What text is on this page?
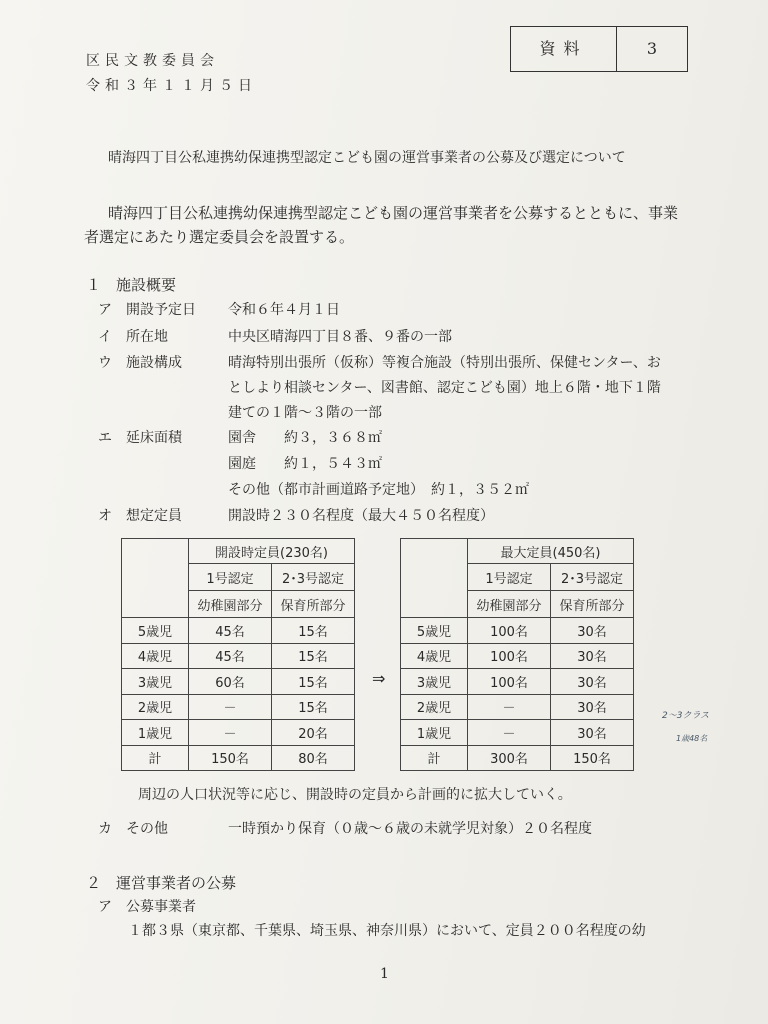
区民文教委員会
令和３年１１月５日
資料	3
晴海四丁目公私連携幼保連携型認定こども園の運営事業者の公募及び選定について
晴海四丁目公私連携幼保連携型認定こども園の運営事業者を公募するとともに、事業
者選定にあたり選定委員会を設置する。
１　施設概要
ア　開設予定日 令和６年４月１日
イ　所在地	中央区晴海四丁目８番、９番の一部
ウ　施設構成	晴海特別出張所（仮称）等複合施設（特別出張所、保健センター、お
としより相談センター、図書館、認定こども園）地上６階・地下１階
建ての１階～３階の一部
エ　延床面積	園舎　　約３，３６８㎡
園庭　　約１，５４３㎡
その他（都市計画道路予定地）　約１，３５２㎡
オ　想定定員	開設時２３０名程度（最大４５０名程度）
	開設時定員(230名)	
	1号認定	2･3号認定
	幼稚園部分	保育所部分
5歳児	45名	15名
4歳児	45名	15名
3歳児	60名	15名
2歳児	－	15名
1歳児	－	20名
計	150名	80名
⇒
	最大定員(450名)	
	1号認定	2･3号認定
	幼稚園部分	保育所部分
5歳児	100名	30名
4歳児	100名	30名
3歳児	100名	30名
2歳児	－	30名
1歳児	－	30名
計	300名	150名
2～3クラス
1歳48名
周辺の人口状況等に応じ、開設時の定員から計画的に拡大していく。
カ　その他	一時預かり保育（０歳～６歳の未就学児対象）２０名程度
２　運営事業者の公募
ア　公募事業者
１都３県（東京都、千葉県、埼玉県、神奈川県）において、定員２００名程度の幼
1
